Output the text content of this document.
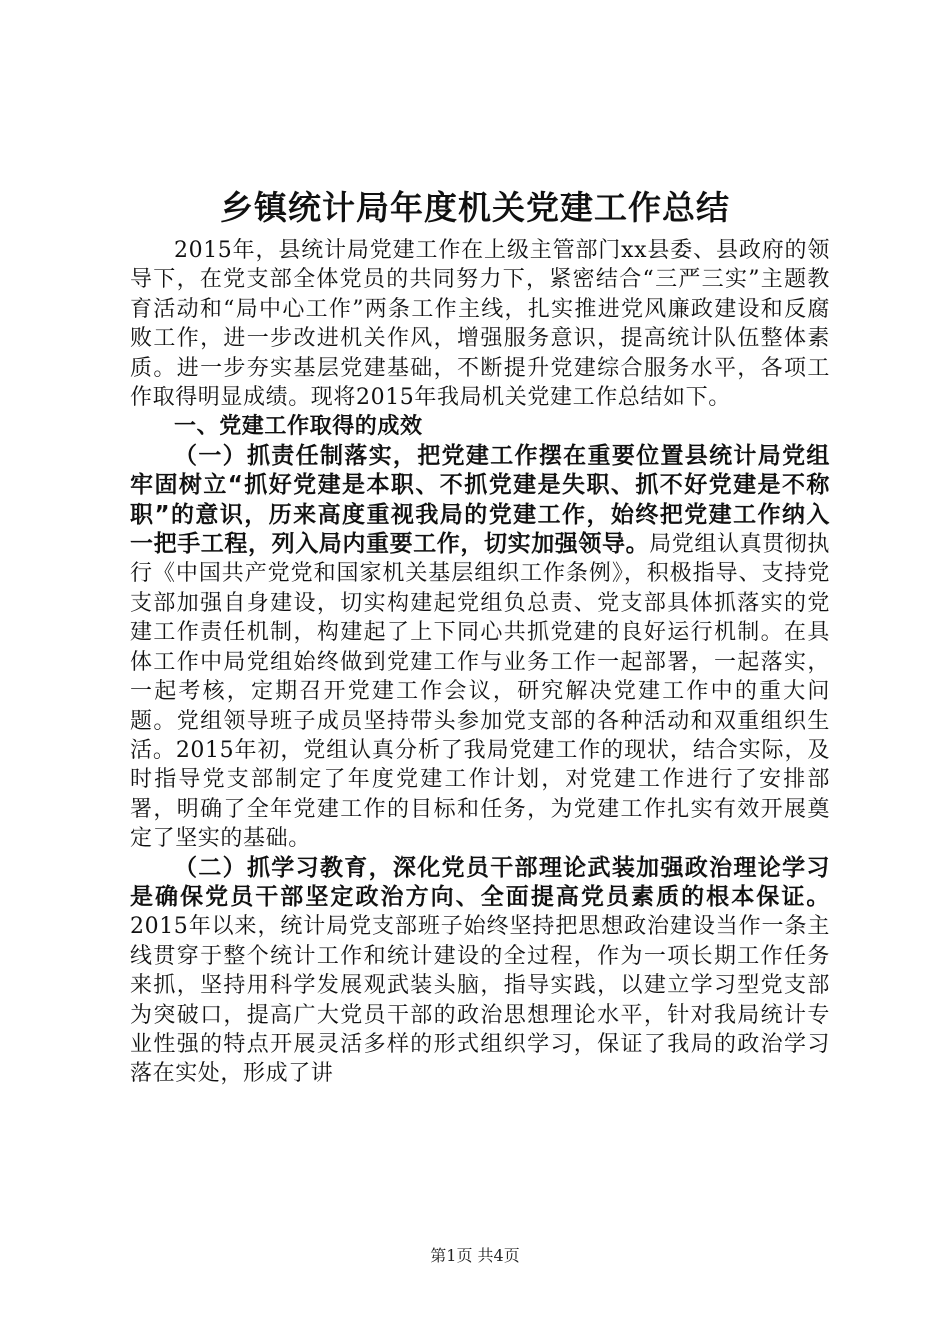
乡镇统计局年度机关党建工作总结

2015年，县统计局党建工作在上级主管部门xx县委、县政府的领导下，在党支部全体党员的共同努力下，紧密结合“三严三实”主题教育活动和“局中心工作”两条工作主线，扎实推进党风廉政建设和反腐败工作，进一步改进机关作风，增强服务意识，提高统计队伍整体素质。进一步夯实基层党建基础，不断提升党建综合服务水平，各项工作取得明显成绩。现将2015年我局机关党建工作总结如下。

一、党建工作取得的成效

（一）抓责任制落实，把党建工作摆在重要位置县统计局党组牢固树立“抓好党建是本职、不抓党建是失职、抓不好党建是不称职”的意识，历来高度重视我局的党建工作，始终把党建工作纳入一把手工程，列入局内重要工作，切实加强领导。局党组认真贯彻执行《中国共产党党和国家机关基层组织工作条例》，积极指导、支持党支部加强自身建设，切实构建起党组负总责、党支部具体抓落实的党建工作责任机制，构建起了上下同心共抓党建的良好运行机制。在具体工作中局党组始终做到党建工作与业务工作一起部署，一起落实，一起考核，定期召开党建工作会议，研究解决党建工作中的重大问题。党组领导班子成员坚持带头参加党支部的各种活动和双重组织生活。2015年初，党组认真分析了我局党建工作的现状，结合实际，及时指导党支部制定了年度党建工作计划，对党建工作进行了安排部署，明确了全年党建工作的目标和任务，为党建工作扎实有效开展奠定了坚实的基础。

（二）抓学习教育，深化党员干部理论武装加强政治理论学习是确保党员干部坚定政治方向、全面提高党员素质的根本保证。2015年以来，统计局党支部班子始终坚持把思想政治建设当作一条主线贯穿于整个统计工作和统计建设的全过程，作为一项长期工作任务来抓，坚持用科学发展观武装头脑，指导实践，以建立学习型党支部为突破口，提高广大党员干部的政治思想理论水平，针对我局统计专业性强的特点开展灵活多样的形式组织学习，保证了我局的政治学习落在实处，形成了讲

第1页 共4页
